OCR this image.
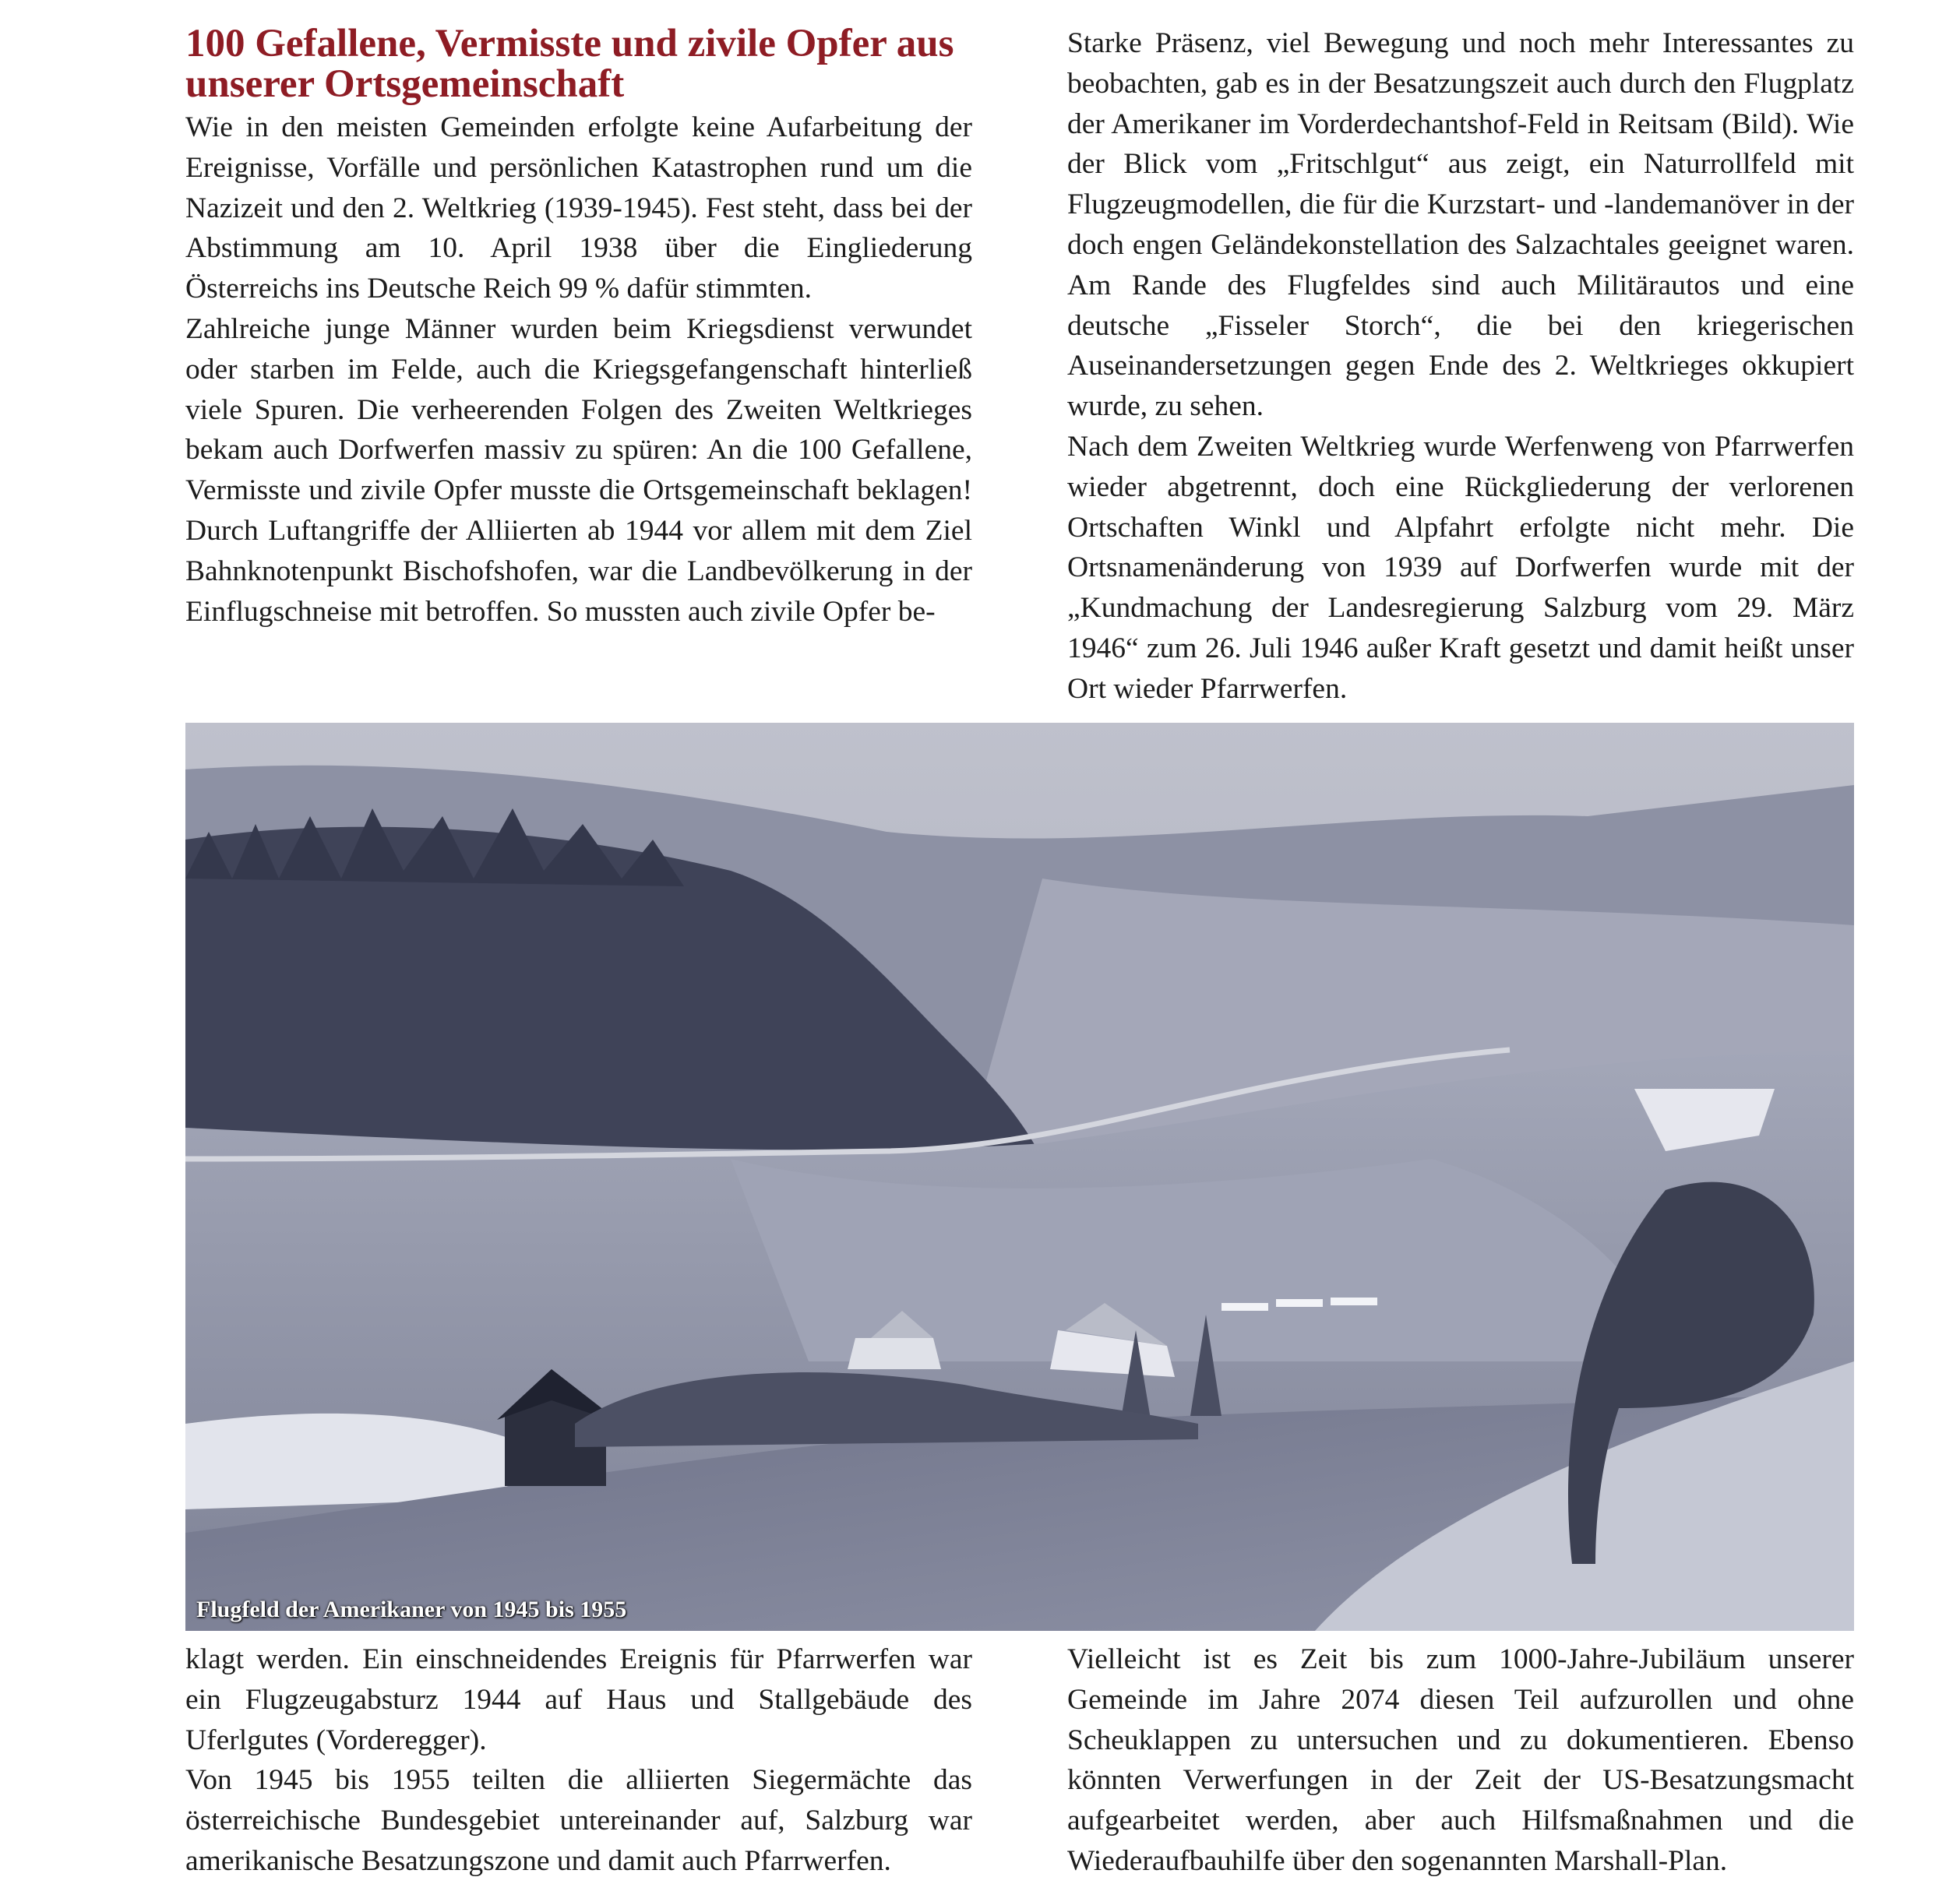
100 Gefallene, Vermisste und zivile Opfer aus unserer Ortsgemeinschaft

Wie in den meisten Gemeinden erfolgte keine Aufarbeitung der Ereignisse, Vorfälle und persönlichen Katastrophen rund um die Nazizeit und den 2. Weltkrieg (1939-1945). Fest steht, dass bei der Abstimmung am 10. April 1938 über die Eingliederung Österreichs ins Deutsche Reich 99 % dafür stimmten.

Zahlreiche junge Männer wurden beim Kriegsdienst verwundet oder starben im Felde, auch die Kriegsgefangenschaft hinterließ viele Spuren. Die verheerenden Folgen des Zweiten Weltkrieges bekam auch Dorfwerfen massiv zu spüren: An die 100 Gefallene, Vermisste und zivile Opfer musste die Ortsgemeinschaft beklagen! Durch Luftangriffe der Alliierten ab 1944 vor allem mit dem Ziel Bahnknotenpunkt Bischofshofen, war die Landbevölkerung in der Einflugschneise mit betroffen. So mussten auch zivile Opfer be-

Starke Präsenz, viel Bewegung und noch mehr Interessantes zu beobachten, gab es in der Besatzungszeit auch durch den Flugplatz der Amerikaner im Vorderdechantshof-Feld in Reitsam (Bild). Wie der Blick vom „Fritschlgut“ aus zeigt, ein Naturrollfeld mit Flugzeugmodellen, die für die Kurzstart- und -landemanöver in der doch engen Geländekonstellation des Salzachtales geeignet waren. Am Rande des Flugfeldes sind auch Militärautos und eine deutsche „Fisseler Storch“, die bei den kriegerischen Auseinandersetzungen gegen Ende des 2. Weltkrieges okkupiert wurde, zu sehen.

Nach dem Zweiten Weltkrieg wurde Werfenweng von Pfarrwerfen wieder abgetrennt, doch eine Rückgliederung der verlorenen Ortschaften Winkl und Alpfahrt erfolgte nicht mehr. Die Ortsnamenänderung von 1939 auf Dorfwerfen wurde mit der „Kundmachung der Landesregierung Salzburg vom 29. März 1946“ zum 26. Juli 1946 außer Kraft gesetzt und damit heißt unser Ort wieder Pfarrwerfen.

Flugfeld der Amerikaner von 1945 bis 1955

klagt werden. Ein einschneidendes Ereignis für Pfarrwerfen war ein Flugzeugabsturz 1944 auf Haus und Stallgebäude des Uferlgutes (Vorderegger).

Von 1945 bis 1955 teilten die alliierten Siegermächte das österreichische Bundesgebiet untereinander auf, Salzburg war amerikanische Besatzungszone und damit auch Pfarrwerfen.

Vielleicht ist es Zeit bis zum 1000-Jahre-Jubiläum unserer Gemeinde im Jahre 2074 diesen Teil aufzurollen und ohne Scheuklappen zu untersuchen und zu dokumentieren. Ebenso könnten Verwerfungen in der Zeit der US-Besatzungsmacht aufgearbeitet werden, aber auch Hilfsmaßnahmen und die Wiederaufbauhilfe über den sogenannten Marshall-Plan.
